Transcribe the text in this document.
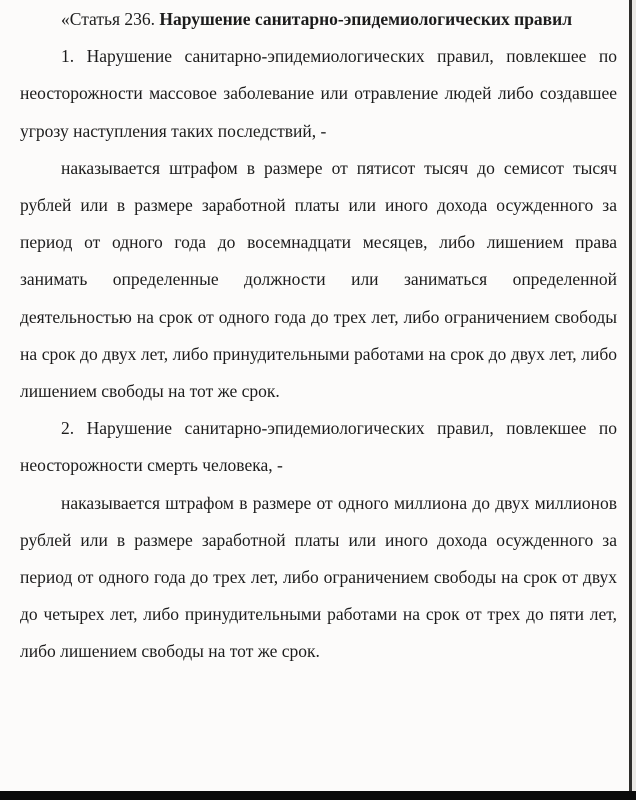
«Статья 236. Нарушение санитарно-эпидемиологических правил

1. Нарушение санитарно-эпидемиологических правил, повлекшее по неосторожности массовое заболевание или отравление людей либо создавшее угрозу наступления таких последствий, -

наказывается штрафом в размере от пятисот тысяч до семисот тысяч рублей или в размере заработной платы или иного дохода осужденного за период от одного года до восемнадцати месяцев, либо лишением права занимать определенные должности или заниматься определенной деятельностью на срок от одного года до трех лет, либо ограничением свободы на срок до двух лет, либо принудительными работами на срок до двух лет, либо лишением свободы на тот же срок.

2. Нарушение санитарно-эпидемиологических правил, повлекшее по неосторожности смерть человека, -

наказывается штрафом в размере от одного миллиона до двух миллионов рублей или в размере заработной платы или иного дохода осужденного за период от одного года до трех лет, либо ограничением свободы на срок от двух до четырех лет, либо принудительными работами на срок от трех до пяти лет, либо лишением свободы на тот же срок.
